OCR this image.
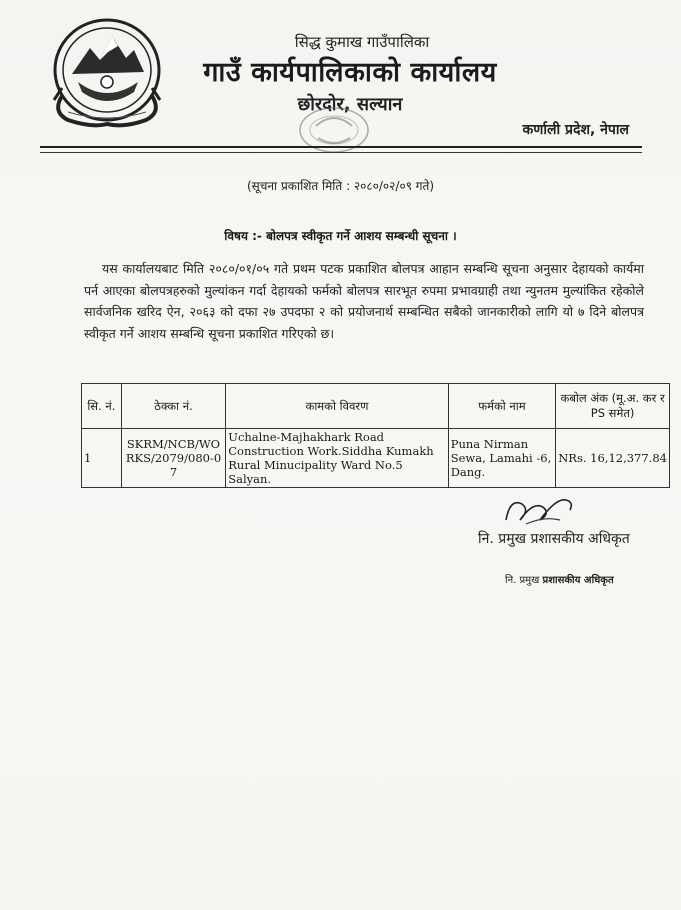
सिद्ध कुमाख गाउँपालिका
गाउँ कार्यपालिकाको कार्यालय
छोरदोर, सल्यान
कर्णाली प्रदेश, नेपाल
(सूचना प्रकाशित मिति : २०८०/०२/०९ गते)
विषय :- बोलपत्र स्वीकृत गर्ने आशय सम्बन्धी सूचना ।
यस कार्यालयबाट मिति २०८०/०१/०५ गते प्रथम पटक प्रकाशित बोलपत्र आहान सम्बन्धि सूचना अनुसार देहायको कार्यमा पर्न आएका बोलपत्रहरुको मुल्यांकन गर्दा देहायको फर्मको बोलपत्र सारभूत रुपमा प्रभावग्राही तथा न्युनतम मुल्यांकित रहेकोले सार्वजनिक खरिद ऐन, २०६३ को दफा २७ उपदफा २ को प्रयोजनार्थ सम्बन्धित सबैको जानकारीको लागि यो ७ दिने बोलपत्र स्वीकृत गर्ने आशय सम्बन्धि सूचना प्रकाशित गरिएको छ।
सि. नं.	ठेक्का नं.	कामको विवरण	फर्मको नाम	कबोल अंक (मू.अ. कर र PS समेत)
1	SKRM/NCB/WORKS/2079/080-07	Uchalne-Majhakhark Road Construction Work.Siddha Kumakh Rural Minucipality Ward No.5 Salyan.	Puna Nirman Sewa, Lamahi -6, Dang.	NRs. 16,12,377.84
नि. प्रमुख प्रशासकीय अधिकृत
नि. प्रमुख प्रशासकीय अधिकृत
